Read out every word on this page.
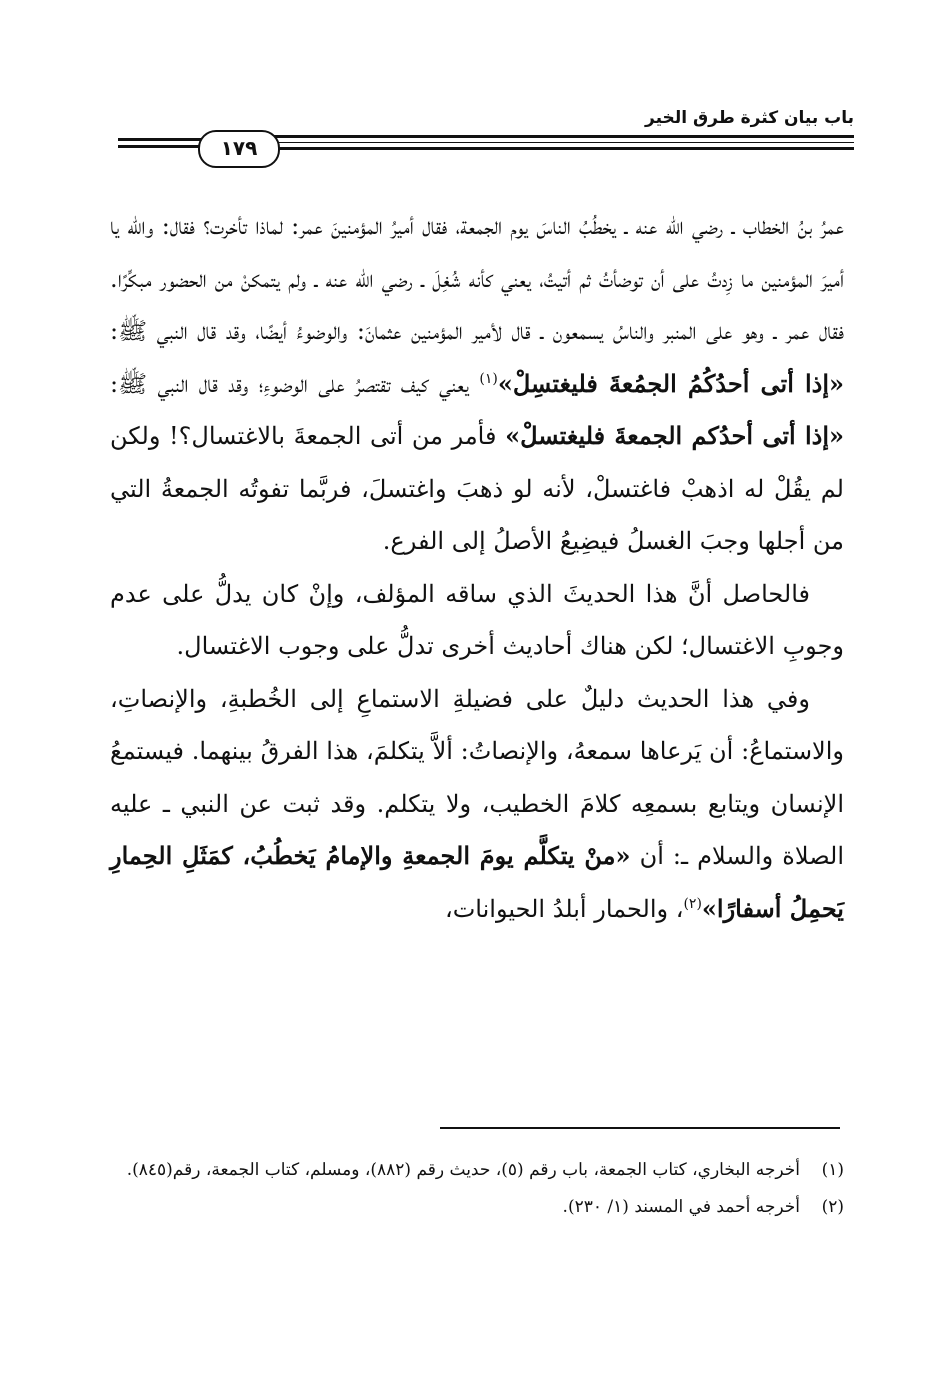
باب بيان كثرة طرق الخير
١٧٩

عمرُ بنُ الخطاب ـ رضي الله عنه ـ يخطُبُ الناسَ يوم الجمعة، فقال أميرُ المؤمنينَ عمر: لماذا تأخرت؟ فقال: والله يا أميرَ المؤمنين ما زِدتُ على أن توضأتُ ثم أتيتُ، يعني كأنه شُغِلَ ـ رضي الله عنه ـ ولم يتمكنْ من الحضور مبكِّرًا. فقال عمر ـ وهو على المنبر والناسُ يسمعون ـ قال لأمير المؤمنين عثمانَ: والوضوءُ أيضًا، وقد قال النبي ﷺ: «إذا أتى أحدُكُمُ الجمُعةَ فليغتسِلْ»$^{(١)}$ يعني كيف تقتصرُ على الوضوءِ؛ وقد قال النبي ﷺ: «إذا أتى أحدُكم الجمعةَ فليغتسلْ» فأمر من أتى الجمعةَ بالاغتسال؟! ولكن لم يقُلْ له اذهبْ فاغتسلْ، لأنه لو ذهبَ واغتسلَ، فربَّما تفوتُه الجمعةُ التي من أجلها وجبَ الغسلُ فيضِيعُ الأصلُ إلى الفرع.

فالحاصل أنَّ هذا الحديثَ الذي ساقه المؤلف، وإنْ كان يدلُّ على عدم وجوبِ الاغتسال؛ لكن هناك أحاديث أخرى تدلُّ على وجوب الاغتسال.

وفي هذا الحديث دليلٌ على فضيلةِ الاستماعِ إلى الخُطبةِ، والإنصاتِ، والاستماعُ: أن يَرعاها سمعهُ، والإنصاتُ: ألاَّ يتكلمَ، هذا الفرقُ بينهما. فيستمعُ الإنسان ويتابع بسمعِه كلامَ الخطيب، ولا يتكلم. وقد ثبت عن النبي ـ عليه الصلاة والسلام ـ: أن «منْ يتكلَّم يومَ الجمعةِ والإمامُ يَخطُبُ، كمَثَلِ الحِمارِ يَحمِلُ أسفارًا»$^{(٢)}$، والحمار أبلدُ الحيوانات،

(١)
أخرجه البخاري، كتاب الجمعة، باب رقم (٥)، حديث رقم (٨٨٢)، ومسلم، كتاب الجمعة، رقم(٨٤٥).

(٢)
أخرجه أحمد في المسند (١/ ٢٣٠).
